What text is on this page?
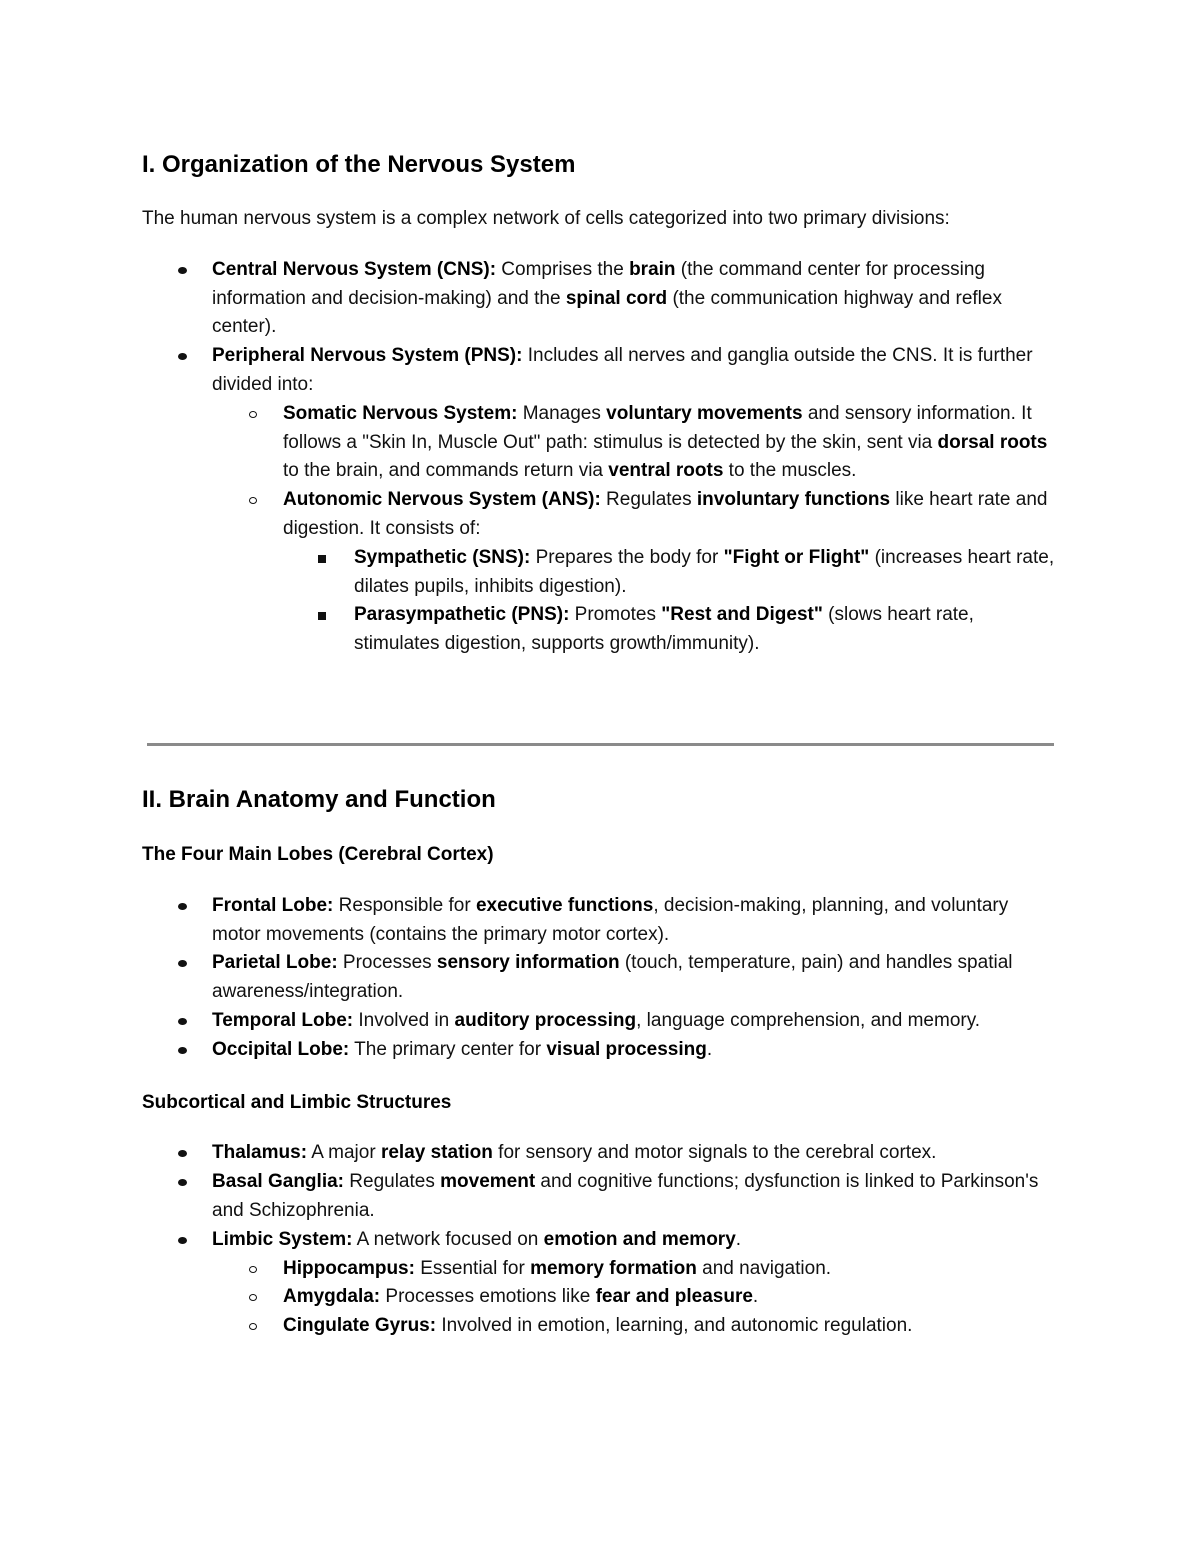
I. Organization of the Nervous System

The human nervous system is a complex network of cells categorized into two primary divisions:

Central Nervous System (CNS): Comprises the brain (the command center for processing information and decision-making) and the spinal cord (the communication highway and reflex center).
Peripheral Nervous System (PNS): Includes all nerves and ganglia outside the CNS. It is further divided into:
Somatic Nervous System: Manages voluntary movements and sensory information. It follows a "Skin In, Muscle Out" path: stimulus is detected by the skin, sent via dorsal roots to the brain, and commands return via ventral roots to the muscles.
Autonomic Nervous System (ANS): Regulates involuntary functions like heart rate and digestion. It consists of:
Sympathetic (SNS): Prepares the body for "Fight or Flight" (increases heart rate, dilates pupils, inhibits digestion).
Parasympathetic (PNS): Promotes "Rest and Digest" (slows heart rate, stimulates digestion, supports growth/immunity).
II. Brain Anatomy and Function
The Four Main Lobes (Cerebral Cortex)
Frontal Lobe: Responsible for executive functions, decision-making, planning, and voluntary motor movements (contains the primary motor cortex).
Parietal Lobe: Processes sensory information (touch, temperature, pain) and handles spatial awareness/integration.
Temporal Lobe: Involved in auditory processing, language comprehension, and memory.
Occipital Lobe: The primary center for visual processing.
Subcortical and Limbic Structures
Thalamus: A major relay station for sensory and motor signals to the cerebral cortex.
Basal Ganglia: Regulates movement and cognitive functions; dysfunction is linked to Parkinson's and Schizophrenia.
Limbic System: A network focused on emotion and memory.
Hippocampus: Essential for memory formation and navigation.
Amygdala: Processes emotions like fear and pleasure.
Cingulate Gyrus: Involved in emotion, learning, and autonomic regulation.
